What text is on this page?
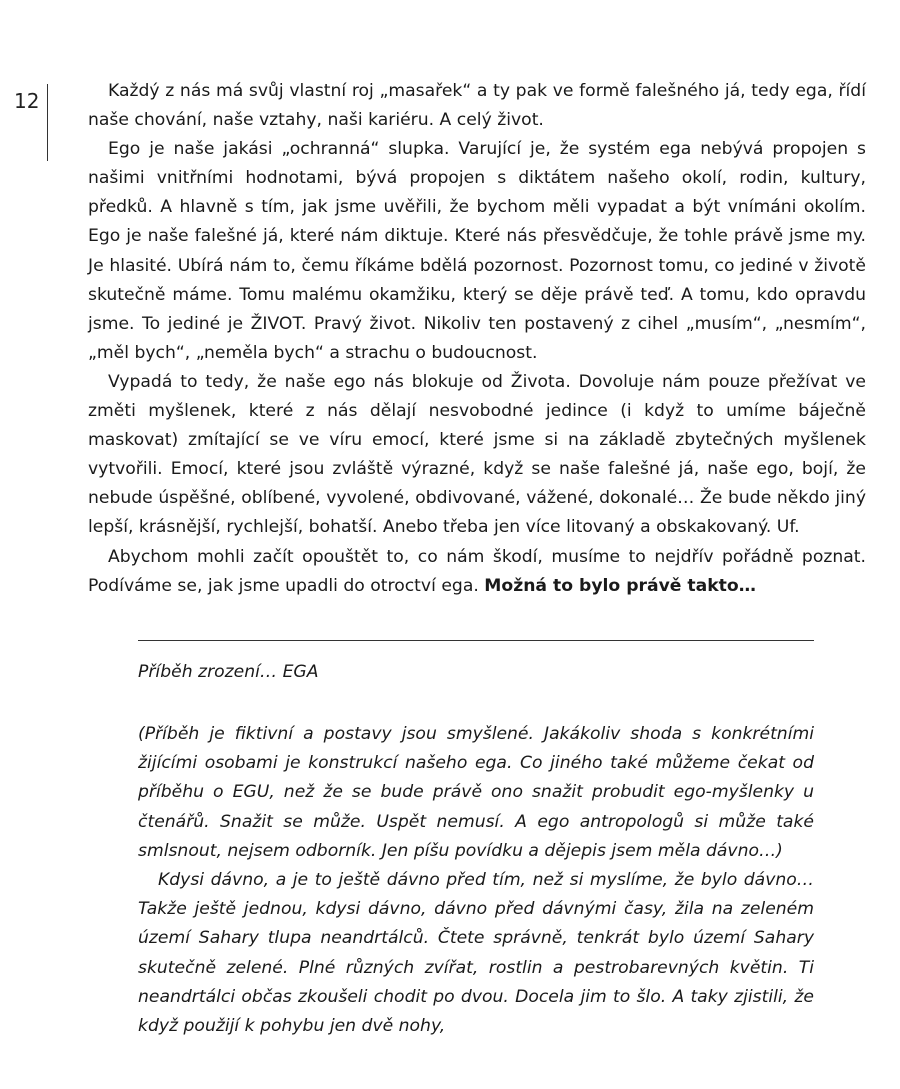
12	Každý z nás má svůj vlastní roj „masařek“ a ty pak ve formě falešného já, tedy ega, řídí naše chování, naše vztahy, naši kariéru. A celý život.

Ego je naše jakási „ochranná“ slupka. Varující je, že systém ega nebývá propojen s našimi vnitřními hodnotami, bývá propojen s diktátem našeho okolí, rodin, kultury, předků. A hlavně s tím, jak jsme uvěřili, že bychom měli vypadat a být vnímáni okolím. Ego je naše falešné já, které nám diktuje. Které nás přesvědčuje, že tohle právě jsme my. Je hlasité. Ubírá nám to, čemu říkáme bdělá pozornost. Pozornost tomu, co jediné v životě skutečně máme. Tomu malému okamžiku, který se děje právě teď. A tomu, kdo opravdu jsme. To jediné je ŽIVOT. Pravý život. Nikoliv ten postavený z cihel „musím“, „nesmím“, „měl bych“, „neměla bych“ a strachu o budoucnost.

Vypadá to tedy, že naše ego nás blokuje od Života. Dovoluje nám pouze přežívat ve změti myšlenek, které z nás dělají nesvobodné jedince (i když to umíme báječně maskovat) zmítající se ve víru emocí, které jsme si na základě zbytečných myšlenek vytvořili. Emocí, které jsou zvláště výrazné, když se naše falešné já, naše ego, bojí, že nebude úspěšné, oblíbené, vyvolené, obdivované, vážené, dokonalé… Že bude někdo jiný lepší, krásnější, rychlejší, bohatší. Anebo třeba jen více litovaný a obskakovaný. Uf.

Abychom mohli začít opouštět to, co nám škodí, musíme to nejdřív pořádně poznat. Podíváme se, jak jsme upadli do otroctví ega. Možná to bylo právě takto…

Příběh zrození… EGA

(Příběh je fiktivní a postavy jsou smyšlené. Jakákoliv shoda s konkrétními žijícími osobami je konstrukcí našeho ega. Co jiného také můžeme čekat od příběhu o EGU, než že se bude právě ono snažit probudit ego-myšlenky u čtenářů. Snažit se může. Uspět nemusí. A ego antropologů si může také smlsnout, nejsem odborník. Jen píšu povídku a dějepis jsem měla dávno…)

Kdysi dávno, a je to ještě dávno před tím, než si myslíme, že bylo dávno… Takže ještě jednou, kdysi dávno, dávno před dávnými časy, žila na zeleném území Sahary tlupa neandrtálců. Čtete správně, tenkrát bylo území Sahary skutečně zelené. Plné různých zvířat, rostlin a pestrobarevných květin. Ti neandrtálci občas zkoušeli chodit po dvou. Docela jim to šlo. A taky zjistili, že když použijí k pohybu jen dvě nohy,
